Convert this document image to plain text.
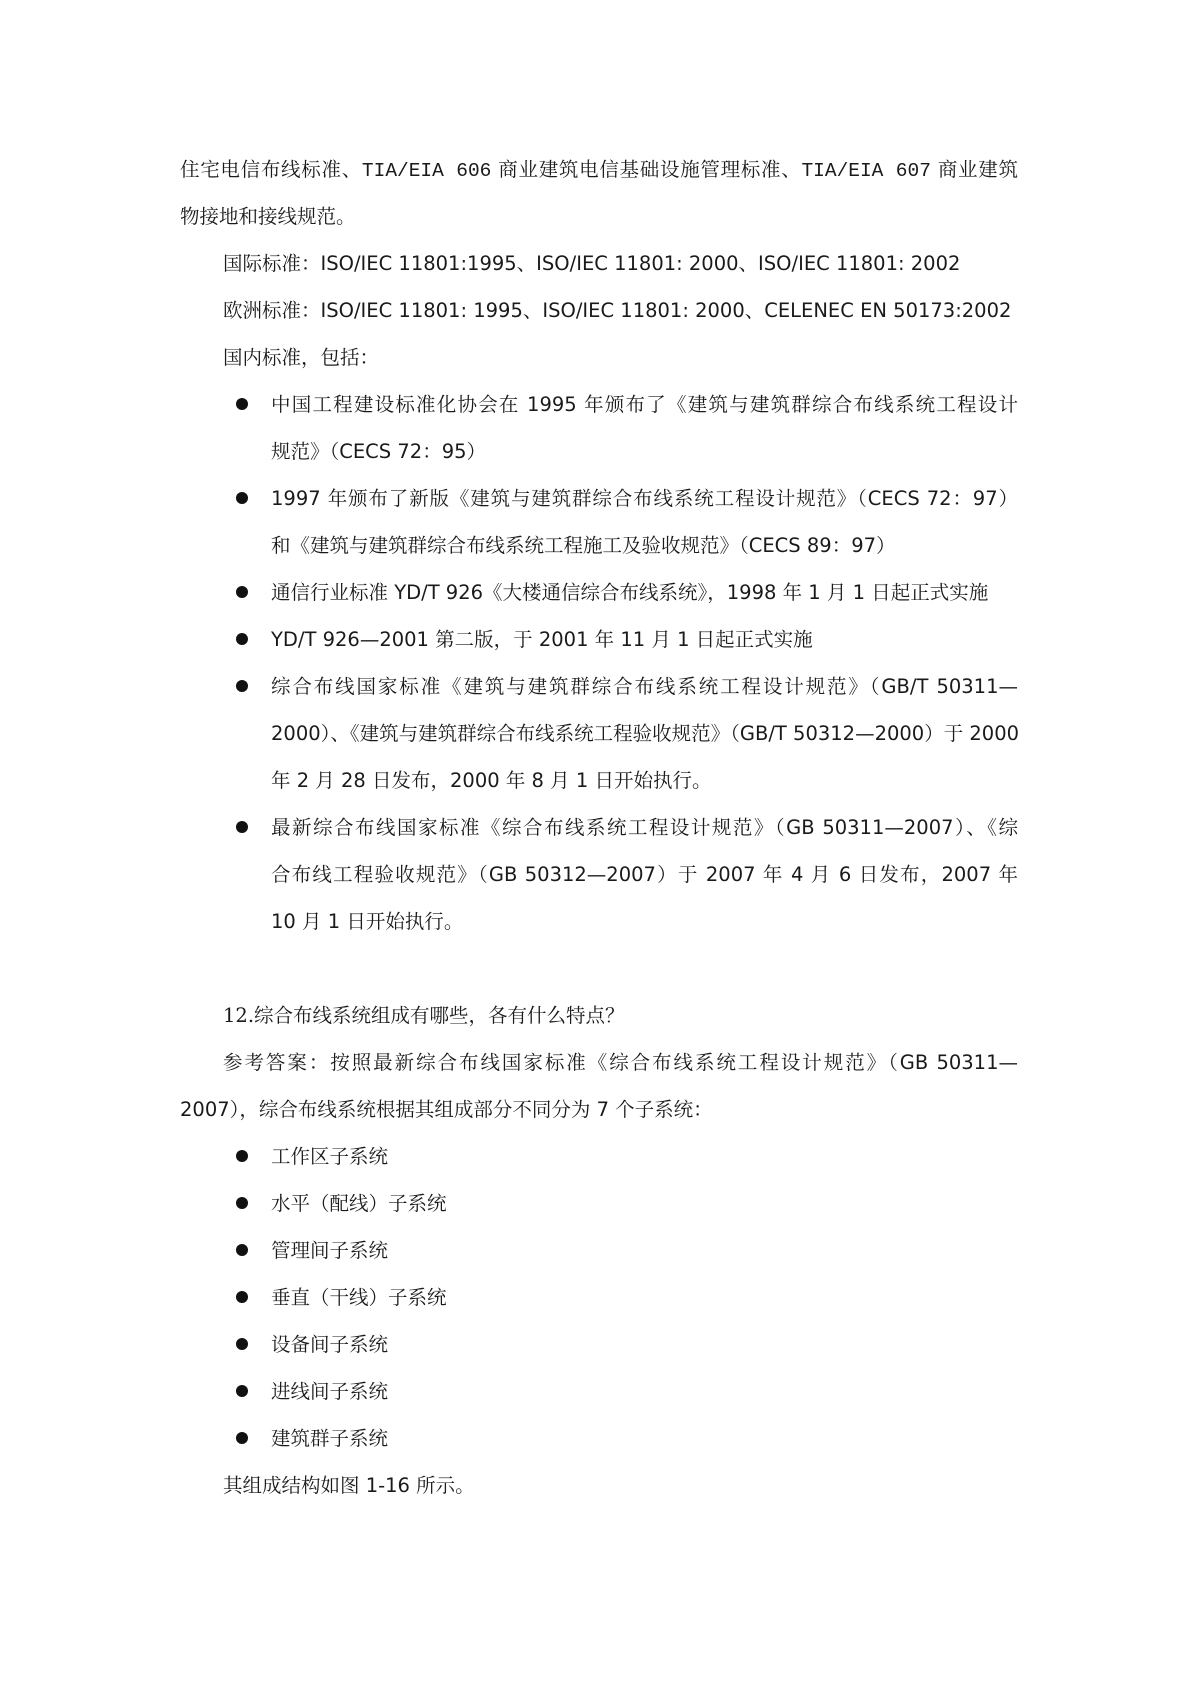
住宅电信布线标准、TIA/EIA 606 商业建筑电信基础设施管理标准、TIA/EIA 607 商业建筑
物接地和接线规范。
国际标准：ISO/IEC 11801:1995、ISO/IEC 11801: 2000、ISO/IEC 11801: 2002
欧洲标准：ISO/IEC 11801: 1995、ISO/IEC 11801: 2000、CELENEC EN 50173:2002
国内标准，包括：
中国工程建设标准化协会在 1995 年颁布了《建筑与建筑群综合布线系统工程设计
规范》（CECS 72：95）
1997 年颁布了新版《建筑与建筑群综合布线系统工程设计规范》（CECS 72：97）
和《建筑与建筑群综合布线系统工程施工及验收规范》（CECS 89：97）
通信行业标准 YD/T 926《大楼通信综合布线系统》，1998 年 1 月 1 日起正式实施
YD/T 926—2001 第二版，于 2001 年 11 月 1 日起正式实施
综合布线国家标准《建筑与建筑群综合布线系统工程设计规范》（GB/T 50311—
2000）、《建筑与建筑群综合布线系统工程验收规范》（GB/T 50312—2000）于 2000
年 2 月 28 日发布，2000 年 8 月 1 日开始执行。
最新综合布线国家标准《综合布线系统工程设计规范》（GB 50311—2007）、《综
合布线工程验收规范》（GB 50312—2007）于 2007 年 4 月 6 日发布，2007 年
10 月 1 日开始执行。
12.综合布线系统组成有哪些，各有什么特点？
参考答案：按照最新综合布线国家标准《综合布线系统工程设计规范》（GB 50311—
2007），综合布线系统根据其组成部分不同分为 7 个子系统：
工作区子系统
水平（配线）子系统
管理间子系统
垂直（干线）子系统
设备间子系统
进线间子系统
建筑群子系统
其组成结构如图 1-16 所示。
